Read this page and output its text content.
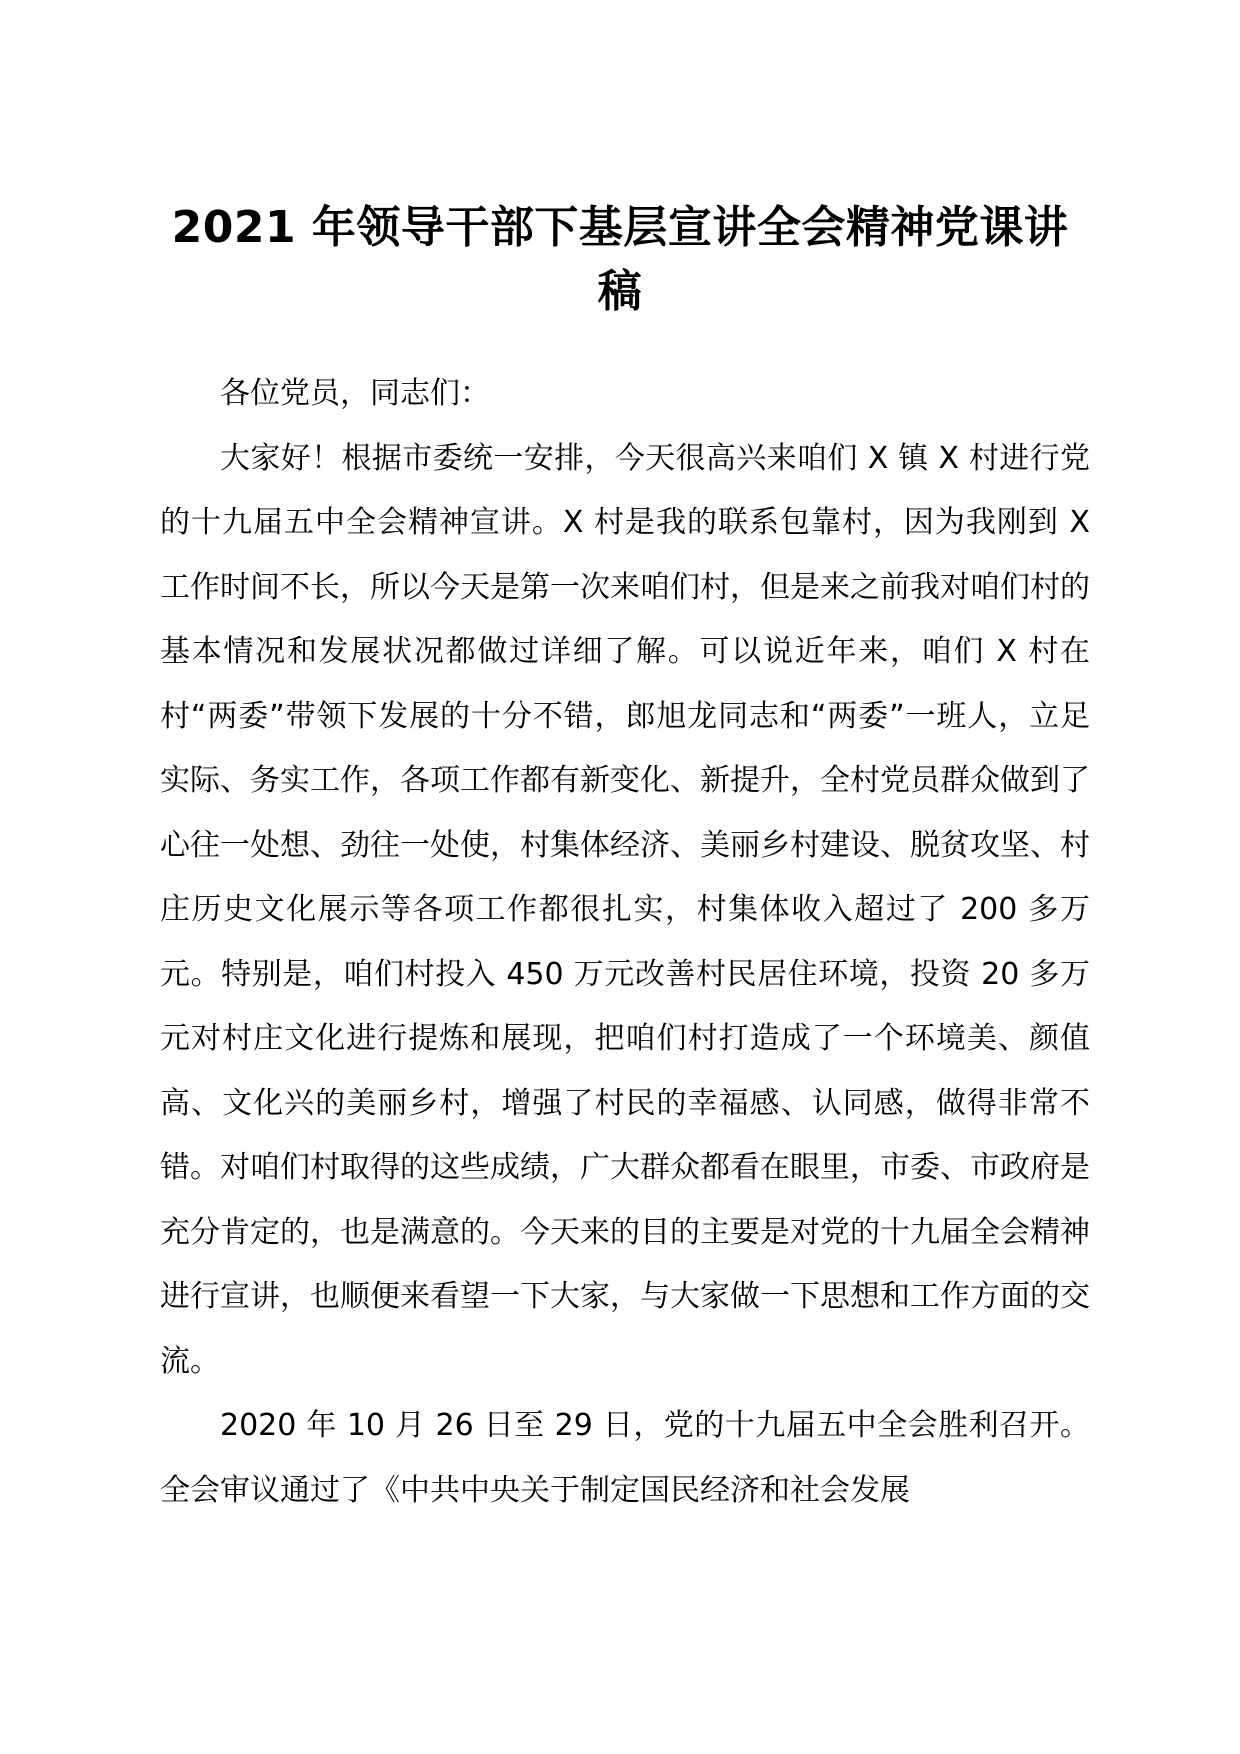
2021 年领导干部下基层宣讲全会精神党课讲稿

各位党员，同志们：

大家好！根据市委统一安排，今天很高兴来咱们 X 镇 X 村进行党的十九届五中全会精神宣讲。X 村是我的联系包靠村，因为我刚到 X 工作时间不长，所以今天是第一次来咱们村，但是来之前我对咱们村的基本情况和发展状况都做过详细了解。可以说近年来，咱们 X 村在村“两委”带领下发展的十分不错，郎旭龙同志和“两委”一班人，立足实际、务实工作，各项工作都有新变化、新提升，全村党员群众做到了心往一处想、劲往一处使，村集体经济、美丽乡村建设、脱贫攻坚、村庄历史文化展示等各项工作都很扎实，村集体收入超过了 200 多万元。特别是，咱们村投入 450 万元改善村民居住环境，投资 20 多万元对村庄文化进行提炼和展现，把咱们村打造成了一个环境美、颜值高、文化兴的美丽乡村，增强了村民的幸福感、认同感，做得非常不错。对咱们村取得的这些成绩，广大群众都看在眼里，市委、市政府是充分肯定的，也是满意的。今天来的目的主要是对党的十九届全会精神进行宣讲，也顺便来看望一下大家，与大家做一下思想和工作方面的交流。

2020 年 10 月 26 日至 29 日，党的十九届五中全会胜利召开。全会审议通过了《中共中央关于制定国民经济和社会发展
